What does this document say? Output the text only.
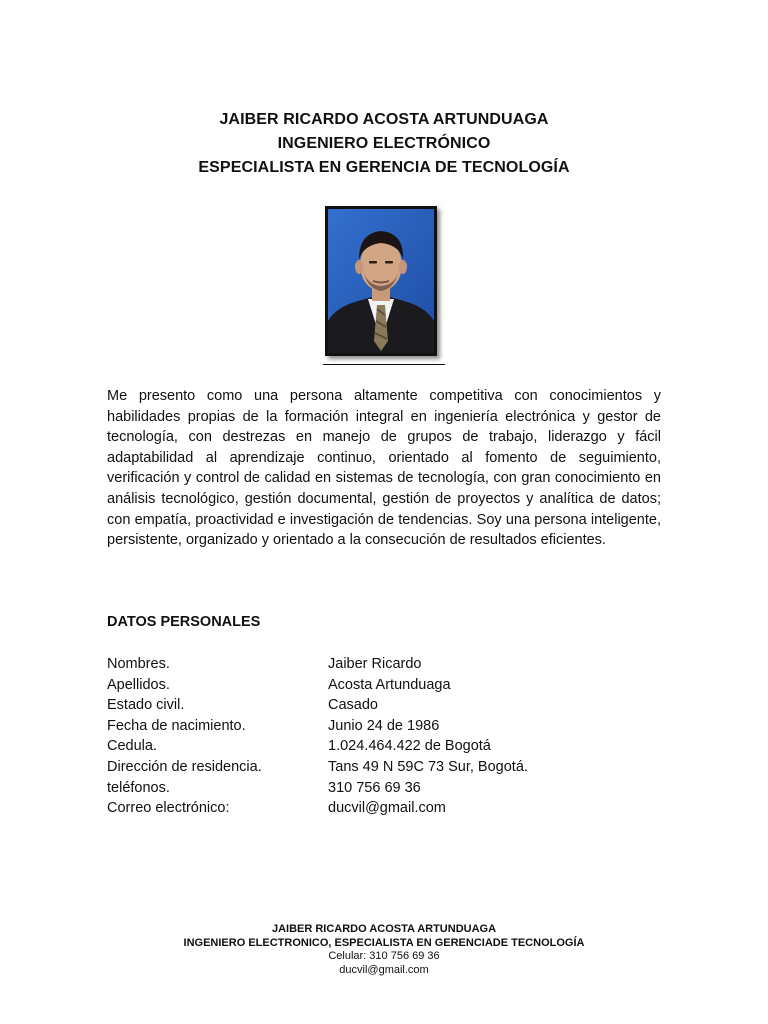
JAIBER RICARDO ACOSTA ARTUNDUAGA
INGENIERO ELECTRÓNICO
ESPECIALISTA EN GERENCIA DE TECNOLOGÍA
Me presento como una persona altamente competitiva con conocimientos y habilidades propias de la formación integral en ingeniería electrónica y gestor de tecnología, con destrezas en manejo de grupos de trabajo, liderazgo y fácil adaptabilidad al aprendizaje continuo, orientado al fomento de seguimiento, verificación y control de calidad en sistemas de tecnología, con gran conocimiento en análisis tecnológico, gestión documental, gestión de proyectos y analítica de datos; con empatía, proactividad e investigación de tendencias. Soy una persona inteligente, persistente, organizado y orientado a la consecución de resultados eficientes.
DATOS PERSONALES
Nombres.	Jaiber Ricardo
Apellidos.	Acosta Artunduaga
Estado civil.	Casado
Fecha de nacimiento.	Junio 24 de 1986
Cedula.	1.024.464.422 de Bogotá
Dirección de residencia.	Tans 49 N 59C 73 Sur, Bogotá.
teléfonos.	310 756 69 36
Correo electrónico:	ducvil@gmail.com
JAIBER RICARDO ACOSTA ARTUNDUAGA
INGENIERO ELECTRONICO, ESPECIALISTA EN GERENCIADE TECNOLOGÍA
Celular: 310 756 69 36
ducvil@gmail.com
